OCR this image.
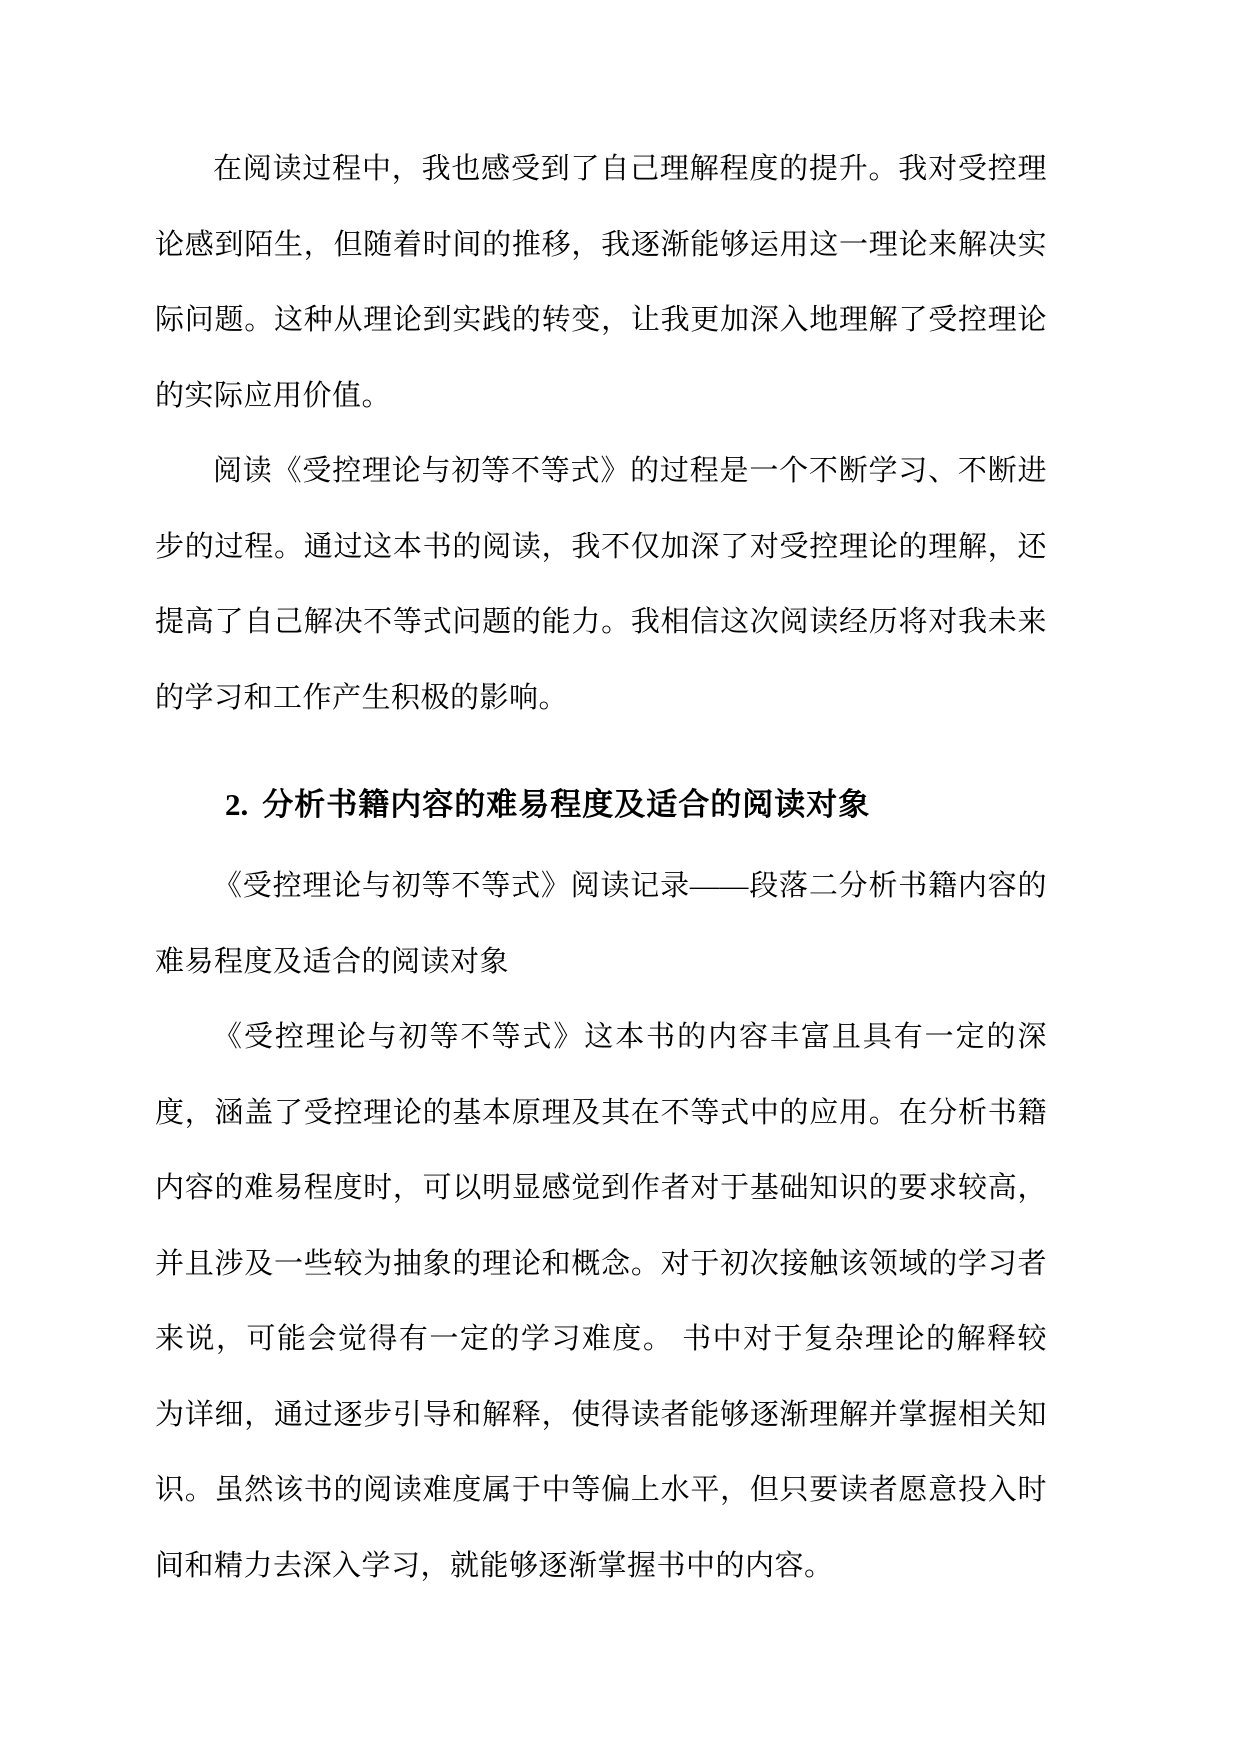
在阅读过程中，我也感受到了自己理解程度的提升。我对受控理论感到陌生，但随着时间的推移，我逐渐能够运用这一理论来解决实际问题。这种从理论到实践的转变，让我更加深入地理解了受控理论的实际应用价值。

阅读《受控理论与初等不等式》的过程是一个不断学习、不断进步的过程。通过这本书的阅读，我不仅加深了对受控理论的理解，还提高了自己解决不等式问题的能力。我相信这次阅读经历将对我未来的学习和工作产生积极的影响。

2. 分析书籍内容的难易程度及适合的阅读对象

《受控理论与初等不等式》阅读记录——段落二分析书籍内容的难易程度及适合的阅读对象

《受控理论与初等不等式》这本书的内容丰富且具有一定的深度，涵盖了受控理论的基本原理及其在不等式中的应用。在分析书籍内容的难易程度时，可以明显感觉到作者对于基础知识的要求较高，并且涉及一些较为抽象的理论和概念。对于初次接触该领域的学习者来说，可能会觉得有一定的学习难度。 书中对于复杂理论的解释较为详细，通过逐步引导和解释，使得读者能够逐渐理解并掌握相关知识。虽然该书的阅读难度属于中等偏上水平，但只要读者愿意投入时间和精力去深入学习，就能够逐渐掌握书中的内容。
